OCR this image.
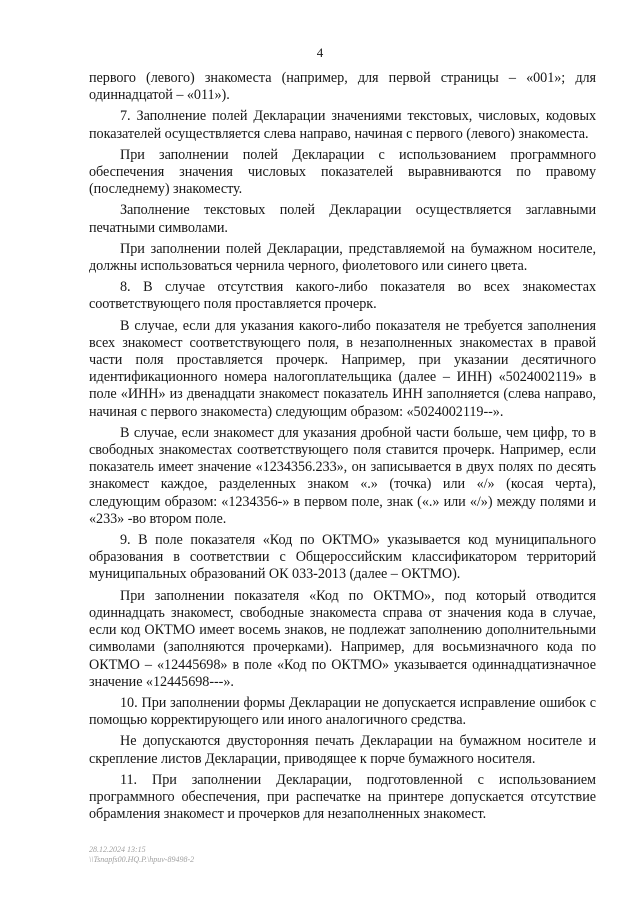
4

первого (левого) знакоместа (например, для первой страницы – «001»; для одиннадцатой – «011»).

7. Заполнение полей Декларации значениями текстовых, числовых, кодовых показателей осуществляется слева направо, начиная с первого (левого) знакоместа.

При заполнении полей Декларации с использованием программного обеспечения значения числовых показателей выравниваются по правому (последнему) знакоместу.

Заполнение текстовых полей Декларации осуществляется заглавными печатными символами.

При заполнении полей Декларации, представляемой на бумажном носителе, должны использоваться чернила черного, фиолетового или синего цвета.

8. В случае отсутствия какого-либо показателя во всех знакоместах соответствующего поля проставляется прочерк.

В случае, если для указания какого-либо показателя не требуется заполнения всех знакомест соответствующего поля, в незаполненных знакоместах в правой части поля проставляется прочерк. Например, при указании десятичного идентификационного номера налогоплательщика (далее – ИНН) «5024002119» в поле «ИНН» из двенадцати знакомест показатель ИНН заполняется (слева направо, начиная с первого знакоместа) следующим образом: «5024002119--».

В случае, если знакомест для указания дробной части больше, чем цифр, то в свободных знакоместах соответствующего поля ставится прочерк. Например, если показатель имеет значение «1234356.233», он записывается в двух полях по десять знакомест каждое, разделенных знаком «.» (точка) или «/» (косая черта), следующим образом: «1234356-» в первом поле, знак («.» или «/») между полями и «233» -во втором поле.

9. В поле показателя «Код по ОКТМО» указывается код муниципального образования в соответствии с Общероссийским классификатором территорий муниципальных образований ОК 033-2013 (далее – ОКТМО).

При заполнении показателя «Код по ОКТМО», под который отводится одиннадцать знакомест, свободные знакоместа справа от значения кода в случае, если код ОКТМО имеет восемь знаков, не подлежат заполнению дополнительными символами (заполняются прочерками). Например, для восьмизначного кода по ОКТМО – «12445698» в поле «Код по ОКТМО» указывается одиннадцатизначное значение «12445698---».

10. При заполнении формы Декларации не допускается исправление ошибок с помощью корректирующего или иного аналогичного средства.

Не допускаются двусторонняя печать Декларации на бумажном носителе и скрепление листов Декларации, приводящее к порче бумажного носителя.

11. При заполнении Декларации, подготовленной с использованием программного обеспечения, при распечатке на принтере допускается отсутствие обрамления знакомест и прочерков для незаполненных знакомест.

28.12.2024 13:15
\\Tsnapfs00.HQ.P.\hpuv-89498-2
